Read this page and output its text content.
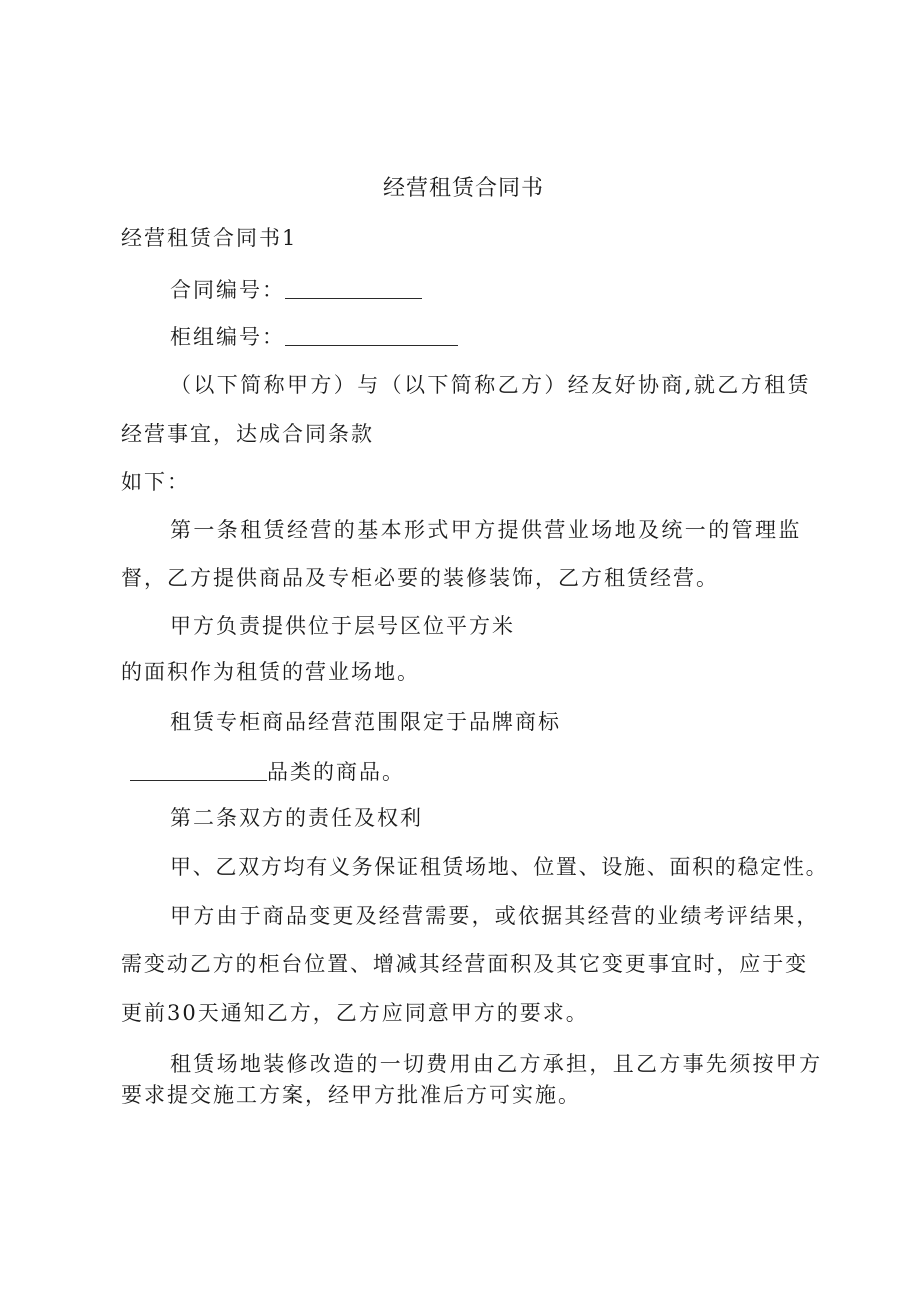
经营租赁合同书
经营租赁合同书1
合同编号：
柜组编号：
（以下简称甲方）与（以下简称乙方）经友好协商,就乙方租赁
经营事宜，达成合同条款
如下：
第一条租赁经营的基本形式甲方提供营业场地及统一的管理监
督，乙方提供商品及专柜必要的装修装饰，乙方租赁经营。
甲方负责提供位于层号区位平方米
的面积作为租赁的营业场地。
租赁专柜商品经营范围限定于品牌商标
品类的商品。
第二条双方的责任及权利
甲、乙双方均有义务保证租赁场地、位置、设施、面积的稳定性。
甲方由于商品变更及经营需要，或依据其经营的业绩考评结果，
需变动乙方的柜台位置、增减其经营面积及其它变更事宜时，应于变
更前30天通知乙方，乙方应同意甲方的要求。
租赁场地装修改造的一切费用由乙方承担，且乙方事先须按甲方
要求提交施工方案，经甲方批准后方可实施。
